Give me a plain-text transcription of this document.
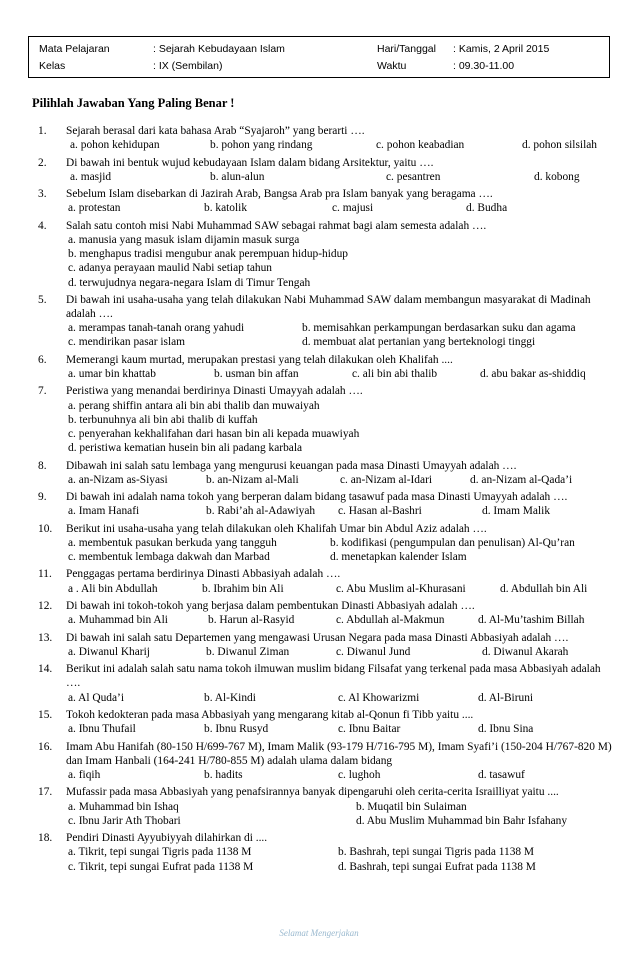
Mata Pelajaran	: Sejarah Kebudayaan Islam	Hari/Tanggal : Kamis, 2 April 2015
Kelas	: IX (Sembilan)	Waktu	: 09.30-11.00
Pilihlah Jawaban Yang Paling Benar !
1. Sejarah berasal dari kata bahasa Arab “Syajaroh” yang berarti ….
a. pohon kehidupan	b. pohon yang rindang	c. pohon keabadian	d. pohon silsilah
2. Di bawah ini bentuk wujud kebudayaan Islam dalam bidang Arsitektur, yaitu ….
a. masjid	b. alun-alun	c. pesantren	d. kobong
3. Sebelum Islam disebarkan di Jazirah Arab, Bangsa Arab pra Islam banyak yang beragama ….
a. protestan	b. katolik	c. majusi	d. Budha
4. Salah satu contoh misi Nabi Muhammad SAW sebagai rahmat bagi alam semesta adalah ….
a. manusia yang masuk islam dijamin masuk surga
b. menghapus tradisi mengubur anak perempuan hidup-hidup
c. adanya perayaan maulid Nabi setiap tahun
d. terwujudnya negara-negara Islam di Timur Tengah
5. Di bawah ini usaha-usaha yang telah dilakukan Nabi Muhammad SAW dalam membangun masyarakat di Madinah adalah ….
a. merampas tanah-tanah orang yahudi	b. memisahkan perkampungan berdasarkan suku dan agama
c. mendirikan pasar islam	d. membuat alat pertanian yang berteknologi tinggi
6. Memerangi kaum murtad, merupakan prestasi yang telah dilakukan oleh Khalifah ....
a. umar bin khattab	b. usman bin affan	c. ali bin abi thalib	d. abu bakar as-shiddiq
7. Peristiwa yang menandai berdirinya Dinasti Umayyah adalah ….
a. perang shiffin antara ali bin abi thalib dan muwaiyah
b. terbunuhnya ali bin abi thalib di kuffah
c. penyerahan kekhalifahan dari hasan bin ali kepada muawiyah
d. peristiwa kematian husein bin ali padang karbala
8. Dibawah ini salah satu lembaga yang mengurusi keuangan pada masa Dinasti Umayyah adalah ….
a. an-Nizam as-Siyasi	b. an-Nizam al-Mali	c. an-Nizam al-Idari	d. an-Nizam al-Qada’i
9. Di bawah ini adalah nama tokoh yang berperan dalam bidang tasawuf pada masa Dinasti Umayyah adalah ….
a. Imam Hanafi	b. Rabi’ah al-Adawiyah c. Hasan al-Bashri	d. Imam Malik
10. Berikut ini usaha-usaha yang telah dilakukan oleh Khalifah Umar bin Abdul Aziz adalah ….
a. membentuk pasukan berkuda yang tangguh	b. kodifikasi (pengumpulan dan penulisan) Al-Qu’ran
c. membentuk lembaga dakwah dan Marbad	d. menetapkan kalender Islam
11. Penggagas pertama berdirinya Dinasti Abbasiyah adalah ….
a . Ali bin Abdullah	b. Ibrahim bin Ali	c. Abu Muslim al-Khurasani	d. Abdullah bin Ali
12. Di bawah ini tokoh-tokoh yang berjasa dalam pembentukan Dinasti Abbasiyah adalah ….
a. Muhammad bin Ali	b. Harun al-Rasyid	c. Abdullah al-Makmun	d. Al-Mu’tashim Billah
13. Di bawah ini salah satu Departemen yang mengawasi Urusan Negara pada masa Dinasti Abbasiyah adalah ….
a. Diwanul Kharij	b. Diwanul Ziman	c. Diwanul Jund	d. Diwanul Akarah
14. Berikut ini adalah salah satu nama tokoh ilmuwan muslim bidang Filsafat yang terkenal pada masa Abbasiyah adalah ….
a. Al Quda’i	b. Al-Kindi	c. Al Khowarizmi	d. Al-Biruni
15. Tokoh kedokteran pada masa Abbasiyah yang mengarang kitab al-Qonun fi Tibb yaitu ....
a. Ibnu Thufail	b. Ibnu Rusyd	c. Ibnu Baitar	d. Ibnu Sina
16. Imam Abu Hanifah (80-150 H/699-767 M), Imam Malik (93-179 H/716-795 M), Imam Syafi’i (150-204 H/767-820 M) dan Imam Hanbali (164-241 H/780-855 M) adalah ulama dalam bidang
a. fiqih	b. hadits	c. lughoh	d. tasawuf
17. Mufassir pada masa Abbasiyah yang penafsirannya banyak dipengaruhi oleh cerita-cerita Israilliyat yaitu ....
a. Muhammad bin Ishaq	b. Muqatil bin Sulaiman
c. Ibnu Jarir Ath Thobari	d. Abu Muslim Muhammad bin Bahr Isfahany
18. Pendiri Dinasti Ayyubiyyah dilahirkan di ....
a. Tikrit, tepi sungai Tigris pada 1138 M	b. Bashrah, tepi sungai Tigris pada 1138 M
c. Tikrit, tepi sungai Eufrat pada 1138 M	d. Bashrah, tepi sungai Eufrat pada 1138 M
Selamat Mengerjakan
